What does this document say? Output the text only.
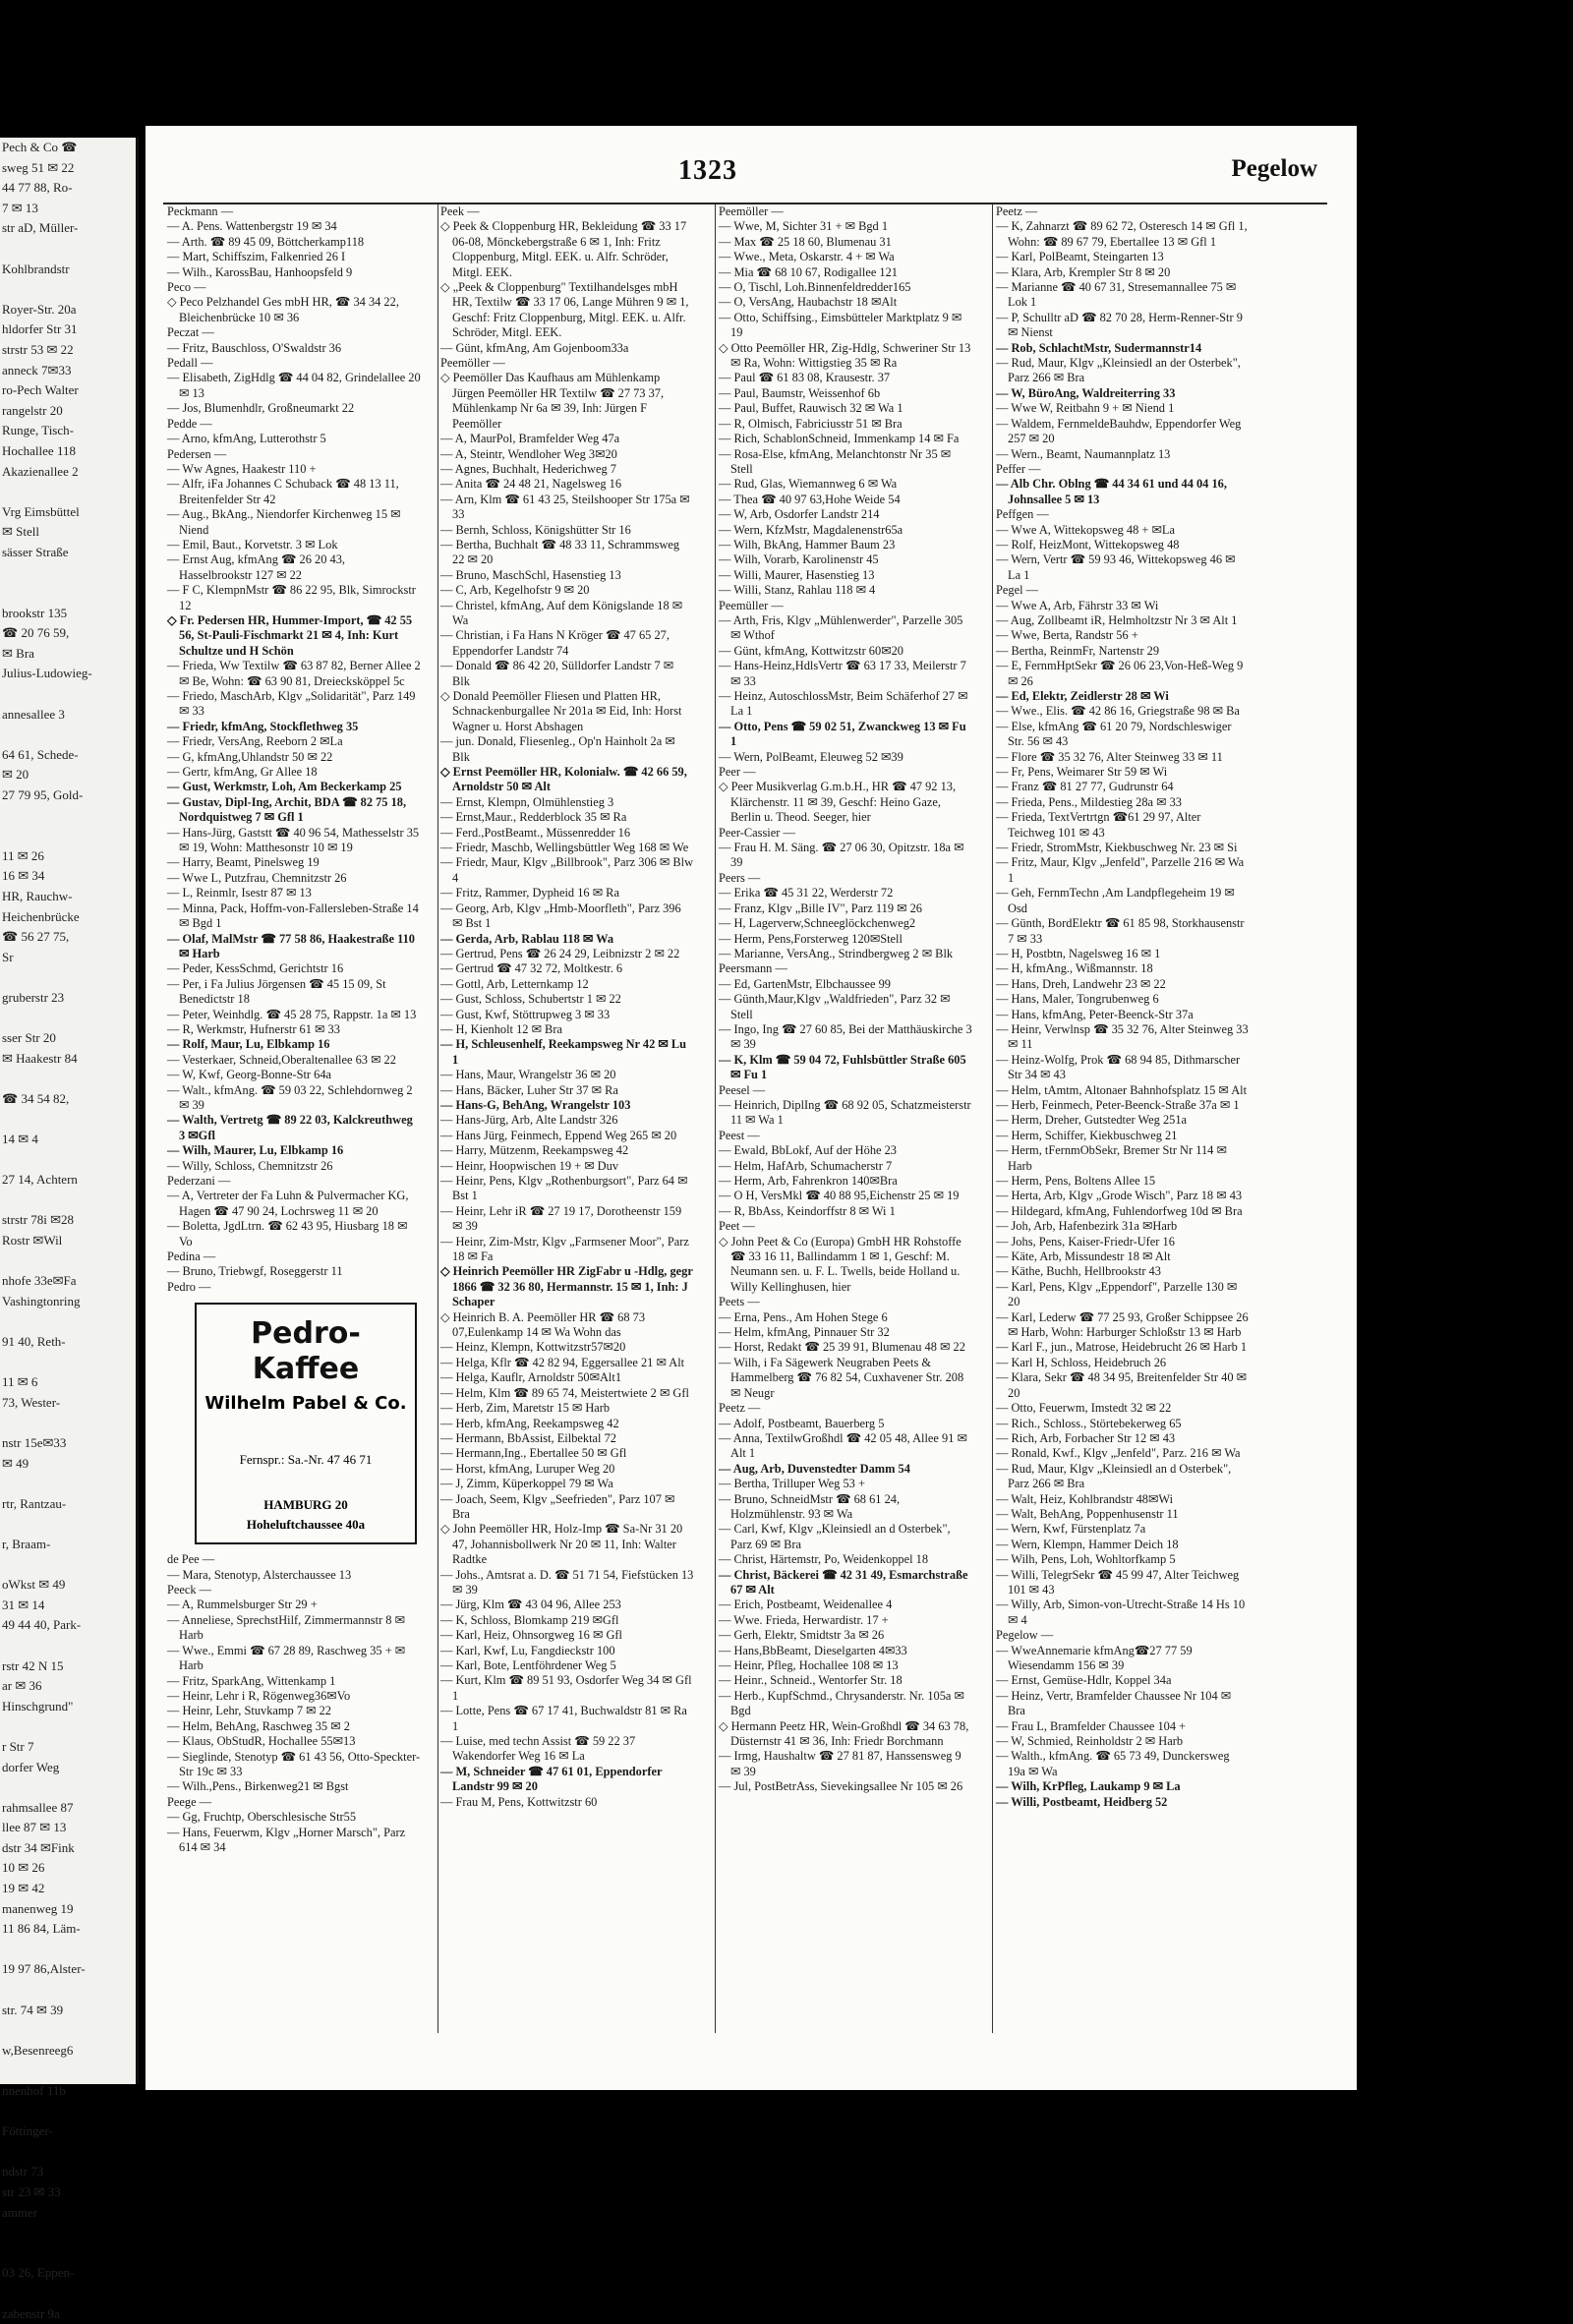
Pech & Co ☎
sweg 51 ✉ 22
44 77 88, Ro-
7 ✉ 13
str aD, Müller-

Kohlbrandstr

Royer-Str. 20a
hldorfer Str 31
strstr 53 ✉ 22
anneck 7✉33
ro-Pech Walter
rangelstr 20
Runge, Tisch-
Hochallee 118
Akazienallee 2

Vrg Eimsbüttel
✉ Stell
sässer Straße

brookstr 135
☎ 20 76 59,
✉ Bra
Julius-Ludowieg-

annesallee 3

64 61, Schede-
✉ 20
27 79 95, Gold-

11 ✉ 26
16 ✉ 34
HR, Rauchw-
Heichenbrücke
☎ 56 27 75,
Sr

gruberstr 23

sser Str 20
✉ Haakestr 84

☎ 34 54 82,

14 ✉ 4

27 14, Achtern

strstr 78i ✉28
Rostr ✉Wil

nhofe 33e✉Fa
Vashingtonring

91 40, Reth-

11 ✉ 6
73, Wester-

nstr 15e✉33
✉ 49

rtr, Rantzau-

r, Braam-

oWkst ✉ 49
31 ✉ 14
49 44 40, Park-

rstr 42 N 15
ar ✉ 36
Hinschgrund"

r Str 7
dorfer Weg

rahmsallee 87
llee 87 ✉ 13
dstr 34 ✉Fink
10 ✉ 26
19 ✉ 42
manenweg 19
11 86 84, Läm-

19 97 86,Alster-

str. 74 ✉ 39

w,Besenreeg6

nnenhof 11b

Föttinger-

ndstr 73
str 23 ✉ 33
ammer

03 26, Eppen-

zabenstr 9a
1323	Pegelow

Peckmann —

— A. Pens. Wattenbergstr 19 ✉ 34

— Arth. ☎ 89 45 09, Böttcherkamp118

— Mart, Schiffszim, Falkenried 26 I

— Wilh., KarossBau, Hanhoopsfeld 9

Peco —

◇ Peco Pelzhandel Ges mbH HR, ☎ 34 34 22, Bleichenbrücke 10 ✉ 36

Peczat —

— Fritz, Bauschloss, O'Swaldstr 36

Pedall —

— Elisabeth, ZigHdlg ☎ 44 04 82, Grindelallee 20 ✉ 13

— Jos, Blumenhdlr, Großneumarkt 22

Pedde —

— Arno, kfmAng, Lutterothstr 5

Pedersen —

— Ww Agnes, Haakestr 110 +

— Alfr, iFa Johannes C Schuback ☎ 48 13 11, Breitenfelder Str 42

— Aug., BkAng., Niendorfer Kirchenweg 15 ✉ Niend

— Emil, Baut., Korvetstr. 3 ✉ Lok

— Ernst Aug, kfmAng ☎ 26 20 43, Hasselbrookstr 127 ✉ 22

— F C, KlempnMstr ☎ 86 22 95, Blk, Simrockstr 12

◇ Fr. Pedersen HR, Hummer-Import, ☎ 42 55 56, St-Pauli-Fischmarkt 21 ✉ 4, Inh: Kurt Schultze und H Schön

— Frieda, Ww Textilw ☎ 63 87 82, Berner Allee 2 ✉ Be, Wohn: ☎ 63 90 81, Dreiecksköppel 5c

— Friedo, MaschArb, Klgv „Solidarität", Parz 149 ✉ 33

— Friedr, kfmAng, Stockflethweg 35

— Friedr, VersAng, Reeborn 2 ✉La

— G, kfmAng,Uhlandstr 50 ✉ 22

— Gertr, kfmAng, Gr Allee 18

— Gust, Werkmstr, Loh, Am Beckerkamp 25

— Gustav, Dipl-Ing, Archit, BDA ☎ 82 75 18, Nordquistweg 7 ✉ Gfl 1

— Hans-Jürg, Gaststt ☎ 40 96 54, Mathesselstr 35 ✉ 19, Wohn: Matthesonstr 10 ✉ 19

— Harry, Beamt, Pinelsweg 19

— Wwe L, Putzfrau, Chemnitzstr 26

— L, Reinmlr, Isestr 87 ✉ 13

— Minna, Pack, Hoffm-von-Fallersleben-Straße 14 ✉ Bgd 1

— Olaf, MalMstr ☎ 77 58 86, Haakestraße 110 ✉ Harb

— Peder, KessSchmd, Gerichtstr 16

— Per, i Fa Julius Jörgensen ☎ 45 15 09, St Benedictstr 18

— Peter, Weinhdlg. ☎ 45 28 75, Rappstr. 1a ✉ 13

— R, Werkmstr, Hufnerstr 61 ✉ 33

— Rolf, Maur, Lu, Elbkamp 16

— Vesterkaer, Schneid,Oberaltenallee 63 ✉ 22

— W, Kwf, Georg-Bonne-Str 64a

— Walt., kfmAng. ☎ 59 03 22, Schlehdornweg 2 ✉ 39

— Walth, Vertretg ☎ 89 22 03, Kalckreuthweg 3 ✉Gfl

— Wilh, Maurer, Lu, Elbkamp 16

— Willy, Schloss, Chemnitzstr 26

Pederzani —

— A, Vertreter der Fa Luhn & Pulvermacher KG, Hagen ☎ 47 90 24, Lochrsweg 11 ✉ 20

— Boletta, JgdLtrn. ☎ 62 43 95, Hiusbarg 18 ✉ Vo

Pedina —

— Bruno, Triebwgf, Roseggerstr 11

Pedro —

Pedro-Kaffee
Wilhelm Pabel & Co.
Fernspr.: Sa.-Nr. 47 46 71
HAMBURG 20
Hoheluftchaussee 40a

de Pee —

— Mara, Stenotyp, Alsterchaussee 13

Peeck —

— A, Rummelsburger Str 29 +

— Anneliese, SprechstHilf, Zimmermannstr 8 ✉ Harb

— Wwe., Emmi ☎ 67 28 89, Raschweg 35 + ✉ Harb

— Fritz, SparkAng, Wittenkamp 1

— Heinr, Lehr i R, Rögenweg36✉Vo

— Heinr, Lehr, Stuvkamp 7 ✉ 22

— Helm, BehAng, Raschweg 35 ✉ 2

— Klaus, ObStudR, Hochallee 55✉13

— Sieglinde, Stenotyp ☎ 61 43 56, Otto-Speckter-Str 19c ✉ 33

— Wilh.,Pens., Birkenweg21 ✉ Bgst

Peege —

— Gg, Fruchtp, Oberschlesische Str55

— Hans, Feuerwm, Klgv „Horner Marsch", Parz 614 ✉ 34

Peek —

◇ Peek & Cloppenburg HR, Bekleidung ☎ 33 17 06-08, Mönckebergstraße 6 ✉ 1, Inh: Fritz Cloppenburg, Mitgl. EEK. u. Alfr. Schröder, Mitgl. EEK.

◇ „Peek & Cloppenburg" Textilhandelsges mbH HR, Textilw ☎ 33 17 06, Lange Mühren 9 ✉ 1, Geschf: Fritz Cloppenburg, Mitgl. EEK. u. Alfr. Schröder, Mitgl. EEK.

— Günt, kfmAng, Am Gojenboom33a

Peemöller —

◇ Peemöller Das Kaufhaus am Mühlenkamp Jürgen Peemöller HR Textilw ☎ 27 73 37, Mühlenkamp Nr 6a ✉ 39, Inh: Jürgen F Peemöller

— A, MaurPol, Bramfelder Weg 47a

— A, Steintr, Wendloher Weg 3✉20

— Agnes, Buchhalt, Hederichweg 7

— Anita ☎ 24 48 21, Nagelsweg 16

— Arn, Klm ☎ 61 43 25, Steilshooper Str 175a ✉ 33

— Bernh, Schloss, Königshütter Str 16

— Bertha, Buchhalt ☎ 48 33 11, Schrammsweg 22 ✉ 20

— Bruno, MaschSchl, Hasenstieg 13

— C, Arb, Kegelhofstr 9 ✉ 20

— Christel, kfmAng, Auf dem Königslande 18 ✉ Wa

— Christian, i Fa Hans N Kröger ☎ 47 65 27, Eppendorfer Landstr 74

— Donald ☎ 86 42 20, Sülldorfer Landstr 7 ✉ Blk

◇ Donald Peemöller Fliesen und Platten HR, Schnackenburgallee Nr 201a ✉ Eid, Inh: Horst Wagner u. Horst Abshagen

— jun. Donald, Fliesenleg., Op'n Hainholt 2a ✉ Blk

◇ Ernst Peemöller HR, Kolonialw. ☎ 42 66 59, Arnoldstr 50 ✉ Alt

— Ernst, Klempn, Olmühlenstieg 3

— Ernst,Maur., Redderblock 35 ✉ Ra

— Ferd.,PostBeamt., Müssenredder 16

— Friedr, Maschb, Wellingsbüttler Weg 168 ✉ We

— Friedr, Maur, Klgv „Billbrook", Parz 306 ✉ Blw 4

— Fritz, Rammer, Dypheid 16 ✉ Ra

— Georg, Arb, Klgv „Hmb-Moorfleth", Parz 396 ✉ Bst 1

— Gerda, Arb, Rablau 118 ✉ Wa

— Gertrud, Pens ☎ 26 24 29, Leibnizstr 2 ✉ 22

— Gertrud ☎ 47 32 72, Moltkestr. 6

— Gottl, Arb, Letternkamp 12

— Gust, Schloss, Schubertstr 1 ✉ 22

— Gust, Kwf, Stöttrupweg 3 ✉ 33

— H, Kienholt 12 ✉ Bra

— H, Schleusenhelf, Reekampsweg Nr 42 ✉ Lu 1

— Hans, Maur, Wrangelstr 36 ✉ 20

— Hans, Bäcker, Luher Str 37 ✉ Ra

— Hans-G, BehAng, Wrangelstr 103

— Hans-Jürg, Arb, Alte Landstr 326

— Hans Jürg, Feinmech, Eppend Weg 265 ✉ 20

— Harry, Mützenm, Reekampsweg 42

— Heinr, Hoopwischen 19 + ✉ Duv

— Heinr, Pens, Klgv „Rothenburgsort", Parz 64 ✉ Bst 1

— Heinr, Lehr iR ☎ 27 19 17, Dorotheenstr 159 ✉ 39

— Heinr, Zim-Mstr, Klgv „Farmsener Moor", Parz 18 ✉ Fa

◇ Heinrich Peemöller HR ZigFabr u -Hdlg, gegr 1866 ☎ 32 36 80, Hermannstr. 15 ✉ 1, Inh: J Schaper

◇ Heinrich B. A. Peemöller HR ☎ 68 73 07,Eulenkamp 14 ✉ Wa Wohn das

— Heinz, Klempn, Kottwitzstr57✉20

— Helga, Kflr ☎ 42 82 94, Eggersallee 21 ✉ Alt

— Helga, Kauflr, Arnoldstr 50✉Alt1

— Helm, Klm ☎ 89 65 74, Meistertwiete 2 ✉ Gfl

— Herb, Zim, Maretstr 15 ✉ Harb

— Herb, kfmAng, Reekampsweg 42

— Hermann, BbAssist, Eilbektal 72

— Hermann,Ing., Ebertallee 50 ✉ Gfl

— Horst, kfmAng, Luruper Weg 20

— J, Zimm, Küperkoppel 79 ✉ Wa

— Joach, Seem, Klgv „Seefrieden", Parz 107 ✉ Bra

◇ John Peemöller HR, Holz-Imp ☎ Sa-Nr 31 20 47, Johannisbollwerk Nr 20 ✉ 11, Inh: Walter Radtke

— Johs., Amtsrat a. D. ☎ 51 71 54, Fiefstücken 13 ✉ 39

— Jürg, Klm ☎ 43 04 96, Allee 253

— K, Schloss, Blomkamp 219 ✉Gfl

— Karl, Heiz, Ohnsorgweg 16 ✉ Gfl

— Karl, Kwf, Lu, Fangdieckstr 100

— Karl, Bote, Lentföhrdener Weg 5

— Kurt, Klm ☎ 89 51 93, Osdorfer Weg 34 ✉ Gfl 1

— Lotte, Pens ☎ 67 17 41, Buchwaldstr 81 ✉ Ra 1

— Luise, med techn Assist ☎ 59 22 37 Wakendorfer Weg 16 ✉ La

— M, Schneider ☎ 47 61 01, Eppendorfer Landstr 99 ✉ 20

— Frau M, Pens, Kottwitzstr 60

Peemöller —

— Wwe, M, Sichter 31 + ✉ Bgd 1

— Max ☎ 25 18 60, Blumenau 31

— Wwe., Meta, Oskarstr. 4 + ✉ Wa

— Mia ☎ 68 10 67, Rodigallee 121

— O, Tischl, Loh.Binnenfeldredder165

— O, VersAng, Haubachstr 18 ✉Alt

— Otto, Schiffsing., Eimsbütteler Marktplatz 9 ✉ 19

◇ Otto Peemöller HR, Zig-Hdlg, Schweriner Str 13 ✉ Ra, Wohn: Wittigstieg 35 ✉ Ra

— Paul ☎ 61 83 08, Krausestr. 37

— Paul, Baumstr, Weissenhof 6b

— Paul, Buffet, Rauwisch 32 ✉ Wa 1

— R, Olmisch, Fabriciusstr 51 ✉ Bra

— Rich, SchablonSchneid, Immenkamp 14 ✉ Fa

— Rosa-Else, kfmAng, Melanchtonstr Nr 35 ✉ Stell

— Rud, Glas, Wiemannweg 6 ✉ Wa

— Thea ☎ 40 97 63,Hohe Weide 54

— W, Arb, Osdorfer Landstr 214

— Wern, KfzMstr, Magdalenenstr65a

— Wilh, BkAng, Hammer Baum 23

— Wilh, Vorarb, Karolinenstr 45

— Willi, Maurer, Hasenstieg 13

— Willi, Stanz, Rahlau 118 ✉ 4

Peemüller —

— Arth, Fris, Klgv „Mühlenwerder", Parzelle 305 ✉ Wthof

— Günt, kfmAng, Kottwitzstr 60✉20

— Hans-Heinz,HdlsVertr ☎ 63 17 33, Meilerstr 7 ✉ 33

— Heinz, AutoschlossMstr, Beim Schäferhof 27 ✉ La 1

— Otto, Pens ☎ 59 02 51, Zwanckweg 13 ✉ Fu 1

— Wern, PolBeamt, Eleuweg 52 ✉39

Peer —

◇ Peer Musikverlag G.m.b.H., HR ☎ 47 92 13, Klärchenstr. 11 ✉ 39, Geschf: Heino Gaze, Berlin u. Theod. Seeger, hier

Peer-Cassier —

— Frau H. M. Säng. ☎ 27 06 30, Opitzstr. 18a ✉ 39

Peers —

— Erika ☎ 45 31 22, Werderstr 72

— Franz, Klgv „Bille IV", Parz 119 ✉ 26

— H, Lagerverw,Schneeglöckchenweg2

— Herm, Pens,Forsterweg 120✉Stell

— Marianne, VersAng., Strindbergweg 2 ✉ Blk

Peersmann —

— Ed, GartenMstr, Elbchaussee 99

— Günth,Maur,Klgv „Waldfrieden", Parz 32 ✉ Stell

— Ingo, Ing ☎ 27 60 85, Bei der Matthäuskirche 3 ✉ 39

— K, Klm ☎ 59 04 72, Fuhlsbüttler Straße 605 ✉ Fu 1

Peesel —

— Heinrich, DiplIng ☎ 68 92 05, Schatzmeisterstr 11 ✉ Wa 1

Peest —

— Ewald, BbLokf, Auf der Höhe 23

— Helm, HafArb, Schumacherstr 7

— Herm, Arb, Fahrenkron 140✉Bra

— O H, VersMkl ☎ 40 88 95,Eichenstr 25 ✉ 19

— R, BbAss, Keindorffstr 8 ✉ Wi 1

Peet —

◇ John Peet & Co (Europa) GmbH HR Rohstoffe ☎ 33 16 11, Ballindamm 1 ✉ 1, Geschf: M. Neumann sen. u. F. L. Twells, beide Holland u. Willy Kellinghusen, hier

Peets —

— Erna, Pens., Am Hohen Stege 6

— Helm, kfmAng, Pinnauer Str 32

— Horst, Redakt ☎ 25 39 91, Blumenau 48 ✉ 22

— Wilh, i Fa Sägewerk Neugraben Peets & Hammelberg ☎ 76 82 54, Cuxhavener Str. 208 ✉ Neugr

Peetz —

— Adolf, Postbeamt, Bauerberg 5

— Anna, TextilwGroßhdl ☎ 42 05 48, Allee 91 ✉ Alt 1

— Aug, Arb, Duvenstedter Damm 54

— Bertha, Trilluper Weg 53 +

— Bruno, SchneidMstr ☎ 68 61 24, Holzmühlenstr. 93 ✉ Wa

— Carl, Kwf, Klgv „Kleinsiedl an d Osterbek", Parz 69 ✉ Bra

— Christ, Härtemstr, Po, Weidenkoppel 18

— Christ, Bäckerei ☎ 42 31 49, Esmarchstraße 67 ✉ Alt

— Erich, Postbeamt, Weidenallee 4

— Wwe. Frieda, Herwardistr. 17 +

— Gerh, Elektr, Smidtstr 3a ✉ 26

— Hans,BbBeamt, Dieselgarten 4✉33

— Heinr, Pfleg, Hochallee 108 ✉ 13

— Heinr., Schneid., Wentorfer Str. 18

— Herb., KupfSchmd., Chrysanderstr. Nr. 105a ✉ Bgd

◇ Hermann Peetz HR, Wein-Großhdl ☎ 34 63 78, Düsternstr 41 ✉ 36, Inh: Friedr Borchmann

— Irmg, Haushaltw ☎ 27 81 87, Hanssensweg 9 ✉ 39

— Jul, PostBetrAss, Sievekingsallee Nr 105 ✉ 26

Peetz —

— K, Zahnarzt ☎ 89 62 72, Osteresch 14 ✉ Gfl 1, Wohn: ☎ 89 67 79, Ebertallee 13 ✉ Gfl 1

— Karl, PolBeamt, Steingarten 13

— Klara, Arb, Krempler Str 8 ✉ 20

— Marianne ☎ 40 67 31, Stresemannallee 75 ✉ Lok 1

— P, Schulltr aD ☎ 82 70 28, Herm-Renner-Str 9 ✉ Nienst

— Rob, SchlachtMstr, Sudermannstr14

— Rud, Maur, Klgv „Kleinsiedl an der Osterbek", Parz 266 ✉ Bra

— W, BüroAng, Waldreiterring 33

— Wwe W, Reitbahn 9 + ✉ Niend 1

— Waldem, FernmeldeBauhdw, Eppendorfer Weg 257 ✉ 20

— Wern., Beamt, Naumannplatz 13

Peffer —

— Alb Chr. Oblng ☎ 44 34 61 und 44 04 16, Johnsallee 5 ✉ 13

Peffgen —

— Wwe A, Wittekopsweg 48 + ✉La

— Rolf, HeizMont, Wittekopsweg 48

— Wern, Vertr ☎ 59 93 46, Wittekopsweg 46 ✉ La 1

Pegel —

— Wwe A, Arb, Fährstr 33 ✉ Wi

— Aug, Zollbeamt iR, Helmholtzstr Nr 3 ✉ Alt 1

— Wwe, Berta, Randstr 56 +

— Bertha, ReinmFr, Nartenstr 29

— E, FernmHptSekr ☎ 26 06 23,Von-Heß-Weg 9 ✉ 26

— Ed, Elektr, Zeidlerstr 28 ✉ Wi

— Wwe., Elis. ☎ 42 86 16, Griegstraße 98 ✉ Ba

— Else, kfmAng ☎ 61 20 79, Nordschleswiger Str. 56 ✉ 43

— Flore ☎ 35 32 76, Alter Steinweg 33 ✉ 11

— Fr, Pens, Weimarer Str 59 ✉ Wi

— Franz ☎ 81 27 77, Gudrunstr 64

— Frieda, Pens., Mildestieg 28a ✉ 33

— Frieda, TextVertrtgn ☎61 29 97, Alter Teichweg 101 ✉ 43

— Friedr, StromMstr, Kiekbuschweg Nr. 23 ✉ Si

— Fritz, Maur, Klgv „Jenfeld", Parzelle 216 ✉ Wa 1

— Geh, FernmTechn ,Am Landpflegeheim 19 ✉ Osd

— Günth, BordElektr ☎ 61 85 98, Storkhausenstr 7 ✉ 33

— H, Postbtn, Nagelsweg 16 ✉ 1

— H, kfmAng., Wißmannstr. 18

— Hans, Dreh, Landwehr 23 ✉ 22

— Hans, Maler, Tongrubenweg 6

— Hans, kfmAng, Peter-Beenck-Str 37a

— Heinr, Verwlnsp ☎ 35 32 76, Alter Steinweg 33 ✉ 11

— Heinz-Wolfg, Prok ☎ 68 94 85, Dithmarscher Str 34 ✉ 43

— Helm, tAmtm, Altonaer Bahnhofsplatz 15 ✉ Alt

— Herb, Feinmech, Peter-Beenck-Straße 37a ✉ 1

— Herm, Dreher, Gutstedter Weg 251a

— Herm, Schiffer, Kiekbuschweg 21

— Herm, tFernmObSekr, Bremer Str Nr 114 ✉ Harb

— Herm, Pens, Boltens Allee 15

— Herta, Arb, Klgv „Grode Wisch", Parz 18 ✉ 43

— Hildegard, kfmAng, Fuhlendorfweg 10d ✉ Bra

— Joh, Arb, Hafenbezirk 31a ✉Harb

— Johs, Pens, Kaiser-Friedr-Ufer 16

— Käte, Arb, Missundestr 18 ✉ Alt

— Käthe, Buchh, Hellbrookstr 43

— Karl, Pens, Klgv „Eppendorf", Parzelle 130 ✉ 20

— Karl, Lederw ☎ 77 25 93, Großer Schippsee 26 ✉ Harb, Wohn: Harburger Schloßstr 13 ✉ Harb

— Karl F., jun., Matrose, Heidebrucht 26 ✉ Harb 1

— Karl H, Schloss, Heidebruch 26

— Klara, Sekr ☎ 48 34 95, Breitenfelder Str 40 ✉ 20

— Otto, Feuerwm, Imstedt 32 ✉ 22

— Rich., Schloss., Störtebekerweg 65

— Rich, Arb, Forbacher Str 12 ✉ 43

— Ronald, Kwf., Klgv „Jenfeld", Parz. 216 ✉ Wa

— Rud, Maur, Klgv „Kleinsiedl an d Osterbek", Parz 266 ✉ Bra

— Walt, Heiz, Kohlbrandstr 48✉Wi

— Walt, BehAng, Poppenhusenstr 11

— Wern, Kwf, Fürstenplatz 7a

— Wern, Klempn, Hammer Deich 18

— Wilh, Pens, Loh, Wohltorfkamp 5

— Willi, TelegrSekr ☎ 45 99 47, Alter Teichweg 101 ✉ 43

— Willy, Arb, Simon-von-Utrecht-Straße 14 Hs 10 ✉ 4

Pegelow —

— WweAnnemarie kfmAng☎27 77 59 Wiesendamm 156 ✉ 39

— Ernst, Gemüse-Hdlr, Koppel 34a

— Heinz, Vertr, Bramfelder Chaussee Nr 104 ✉ Bra

— Frau L, Bramfelder Chaussee 104 +

— W, Schmied, Reinholdstr 2 ✉ Harb

— Walth., kfmAng. ☎ 65 73 49, Dunckersweg 19a ✉ Wa

— Wilh, KrPfleg, Laukamp 9 ✉ La

— Willi, Postbeamt, Heidberg 52
